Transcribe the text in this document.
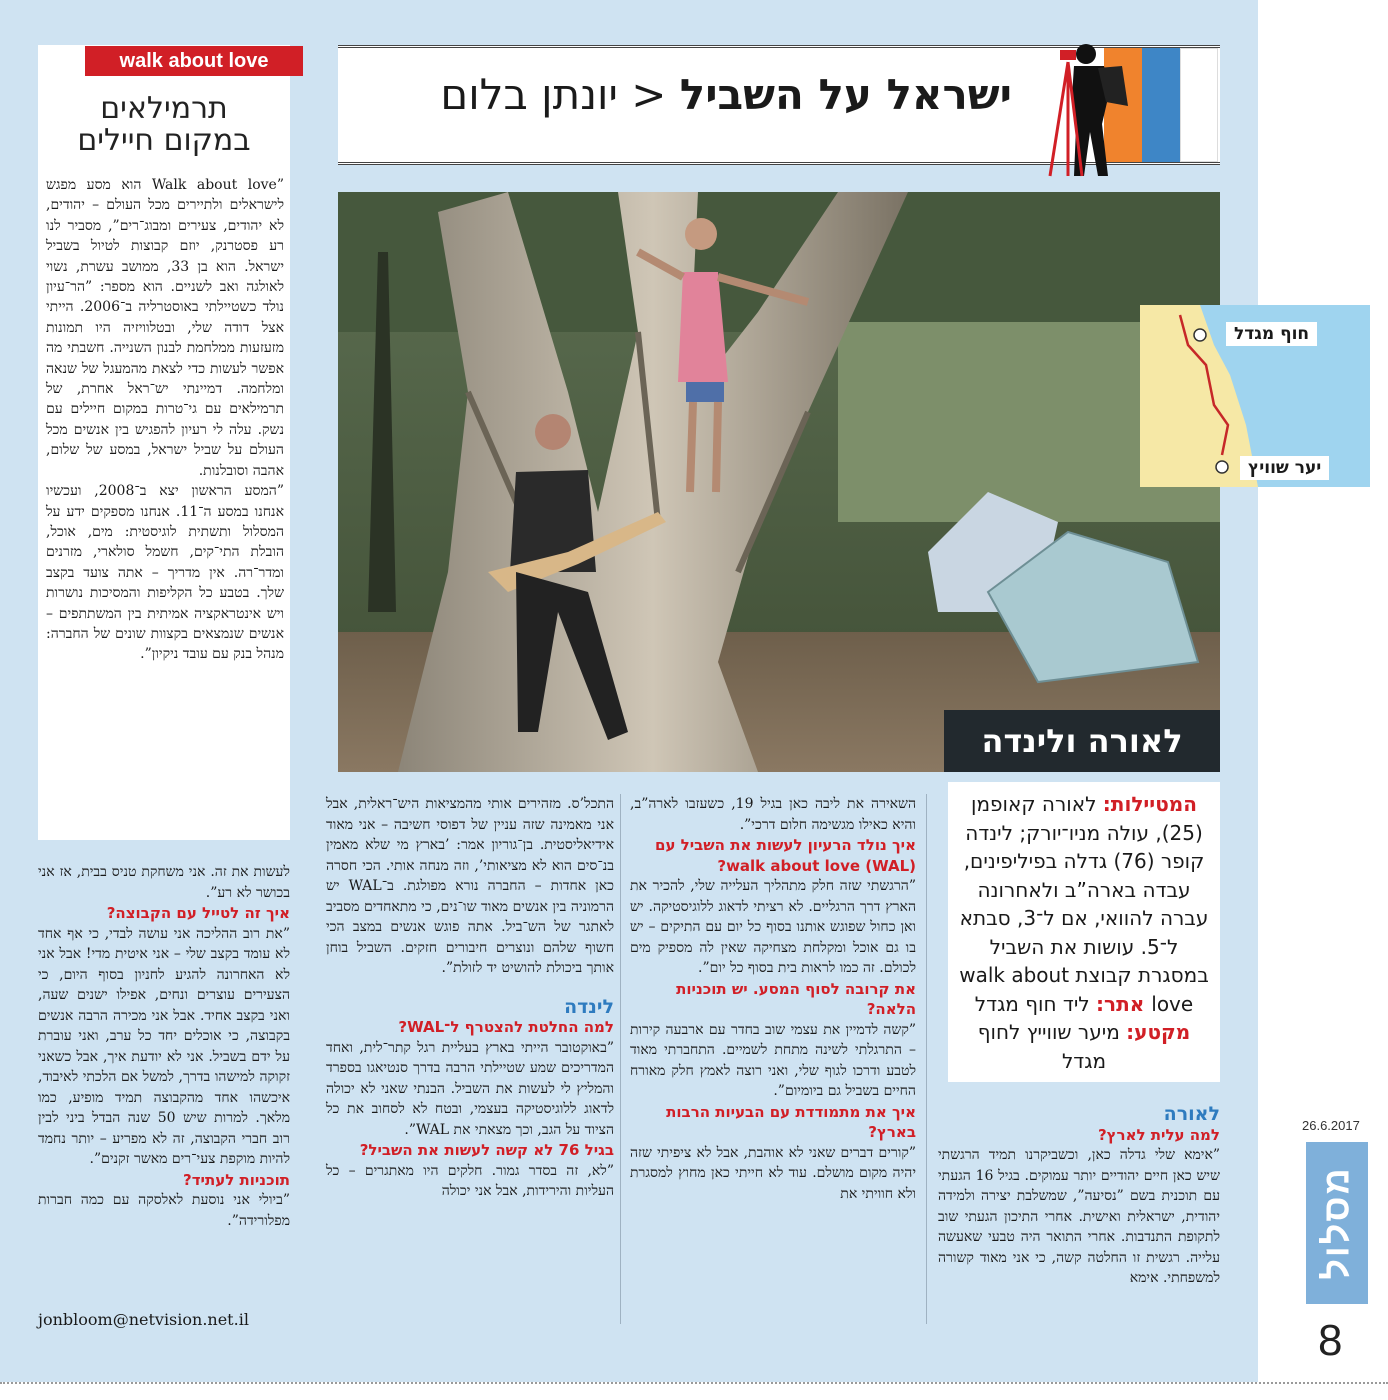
ישראל על השביל < יונתן בלום
walk about love
תרמילאים
במקום חיילים

”Walk about love הוא מסע מפגש לישראלים ולתיירים מכל העולם – יהודים, לא יהודים, צעירים ומבוג־רים”, מסביר לנו רע פסטרנק, יוזם קבוצות לטיול בשביל ישראל. הוא בן 33, ממושב עשרת, נשוי לאולגה ואב לשניים. הוא מספר: ”הר־עיון נולד כשטיילתי באוסטרליה ב־2006. הייתי אצל דודה שלי, ובטלוויזיה היו תמונות מזעזעות ממלחמת לבנון השנייה. חשבתי מה אפשר לעשות כדי לצאת מהמעגל של שנאה ומלחמה. דמיינתי יש־ראל אחרת, של תרמילאים עם גי־טרות במקום חיילים עם נשק. עלה לי רעיון להפגיש בין אנשים מכל העולם על שביל ישראל, במסע של שלום, אהבה וסובלנות.

”המסע הראשון יצא ב־2008, ועכשיו אנחנו במסע ה־11. אנחנו מספקים ידע על המסלול ותשתית לוגיסטית: מים, אוכל, הובלת התי־קים, חשמל סולארי, מזרנים ומדר־רה. אין מדריך – אתה צועד בקצב שלך. בטבע כל הקליפות והמסיכות נושרות ויש אינטראקציה אמיתית בין המשתתפים – אנשים שנמצאים בקצוות שונים של החברה: מנהל בנק עם עובד ניקיון”.

לאורה ולינדה
חוף מגדל
יער שוויץ
המטיילות: לאורה קאופמן (25), עולה מניו־יורק; לינדה קופר (76) גדלה בפיליפינים, עבדה בארה”ב ולאחרונה עברה להוואי, אם ל־3, סבתא ל־5. עושות את השביל במסגרת קבוצת walk about love אתר: ליד חוף מגדל מקטע: מיער שווייץ לחוף מגדל
לאורה
למה עלית לארץ?

”אימא שלי גדלה כאן, וכשביקרנו תמיד הרגשתי שיש כאן חיים יהודיים יותר עמוקים. בגיל 16 הגעתי עם תוכנית בשם ”נסיעה”, שמשלבת יצירה ולמידה יהודית, ישראלית ואישית. אחרי התיכון הגעתי שוב לתקופת התנדבות. אחרי התואר היה טבעי שאעשה עלייה. רגשית זו החלטה קשה, כי אני מאוד קשורה למשפחתי. אימא

השאירה את ליבה כאן בגיל 19, כשעזבו לארה”ב, והיא כאילו מגשימה חלום דרכי”.

איך נולד הרעיון לעשות את השביל עם walk about love (WAL)?

”הרגשתי שזה חלק מתהליך העלייה שלי, להכיר את הארץ דרך הרגליים. לא רציתי לדאוג ללוגיסטיקה. יש ואן כחול שפוגש אותנו בסוף כל יום עם התיקים – יש בו גם אוכל ומקלחת מצחיקה שאין לה מספיק מים לכולם. זה כמו לראות בית בסוף כל יום”.

את קרובה לסוף המסע. יש תוכניות הלאה?

”קשה לדמיין את עצמי שוב בחדר עם ארבעה קירות – התרגלתי לשינה מתחת לשמיים. התחברתי מאוד לטבע ודרכו לגוף שלי, ואני רוצה לאמץ חלק מאורח החיים בשביל גם ביומיום”.

איך את מתמודדת עם הבעיות הרבות בארץ?

”קורים דברים שאני לא אוהבת, אבל לא ציפיתי שזה יהיה מקום מושלם. עוד לא חייתי כאן מחוץ למסגרת ולא חוויתי את

התכל’ס. מזהירים אותי מהמציאות היש־ראלית, אבל אני מאמינה שזה עניין של דפוסי חשיבה – אני מאוד אידיאליסטית. בן־גוריון אמר: ’בארץ מי שלא מאמין בנ־סים הוא לא מציאותי’, וזה מנחה אותי. הכי חסרה כאן אחדות – החברה נורא מפולגת. ב־WAL יש הרמוניה בין אנשים מאוד שו־נים, כי מתאחדים מסביב לאתגר של הש־ביל. אתה פוגש אנשים במצב הכי חשוף שלהם ונוצרים חיבורים חזקים. השביל בוחן אותך ביכולת להושיט יד לזולת”.

לינדה
למה החלטת להצטרף ל־WAL?

”באוקטובר הייתי בארץ בעליית רגל קתר־לית, ואחד המדריכים שמע שטיילתי הרבה בדרך סנטיאגו בספרד והמליץ לי לעשות את השביל. הבנתי שאני לא יכולה לדאוג ללוגיסטיקה בעצמי, ובטח לא לסחוב את כל הציוד על הגב, וכך מצאתי את WAL”.

בגיל 76 לא קשה לעשות את השביל?

”לא, זה בסדר גמור. חלקים היו מאתגרים – כל העליות והירידות, אבל אני יכולה

לעשות את זה. אני משחקת טניס בבית, אז אני בכושר לא רע”.

איך זה לטייל עם הקבוצה?

”את רוב ההליכה אני עושה לבדי, כי אף אחד לא עומד בקצב שלי – אני איטית מדי! אבל אני לא האחרונה להגיע לחניון בסוף היום, כי הצעירים עוצרים ונחים, אפילו ישנים שעה, ואני בקצב אחיד. אבל אני מכירה הרבה אנשים בקבוצה, כי אוכלים יחד כל ערב, ואני עוברת על ידם בשביל. אני לא יודעת איך, אבל כשאני זקוקה למישהו בדרך, למשל אם הלכתי לאיבוד, איכשהו אחד מהקבוצה תמיד מופיע, כמו מלאך. למרות שיש 50 שנה הבדל ביני לבין רוב חברי הקבוצה, זה לא מפריע – יותר נחמד להיות מוקפת צעי־רים מאשר זקנים”.

תוכניות לעתיד?

”ביולי אני נוסעת לאלסקה עם כמה חברות מפלורידה”.

jonbloom@netvision.net.il
26.6.2017
מסלול
8
